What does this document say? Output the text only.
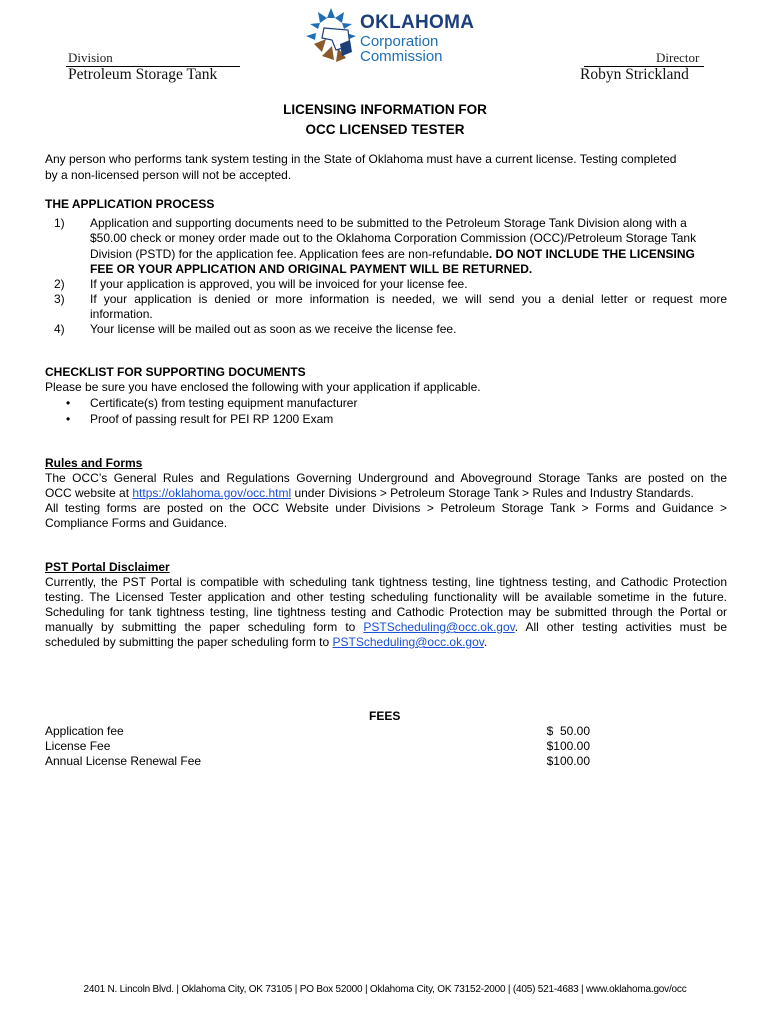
Division
Petroleum Storage Tank
Director
Robyn Strickland
OKLAHOMA
Corporation
Commission
LICENSING INFORMATION FOR
OCC LICENSED TESTER
Any person who performs tank system testing in the State of Oklahoma must have a current license. Testing completed
by a non-licensed person will not be accepted.
THE APPLICATION PROCESS
1)	Application and supporting documents need to be submitted to the Petroleum Storage Tank Division along with a
$50.00 check or money order made out to the Oklahoma Corporation Commission (OCC)/Petroleum Storage Tank
Division (PSTD) for the application fee. Application fees are non-refundable. DO NOT INCLUDE THE LICENSING
FEE OR YOUR APPLICATION AND ORIGINAL PAYMENT WILL BE RETURNED.
2)	If your application is approved, you will be invoiced for your license fee.
3)	If your application is denied or more information is needed, we will send you a denial letter or request more
information.
4)	Your license will be mailed out as soon as we receive the license fee.
CHECKLIST FOR SUPPORTING DOCUMENTS
Please be sure you have enclosed the following with your application if applicable.
• Certificate(s) from testing equipment manufacturer
• Proof of passing result for PEI RP 1200 Exam
Rules and Forms
The OCC’s General Rules and Regulations Governing Underground and Aboveground Storage Tanks are posted on the
OCC website at https://oklahoma.gov/occ.html under Divisions > Petroleum Storage Tank > Rules and Industry Standards.
All testing forms are posted on the OCC Website under Divisions > Petroleum Storage Tank > Forms and Guidance >
Compliance Forms and Guidance.
PST Portal Disclaimer
Currently, the PST Portal is compatible with scheduling tank tightness testing, line tightness testing, and Cathodic Protection
testing. The Licensed Tester application and other testing scheduling functionality will be available sometime in the future.
Scheduling for tank tightness testing, line tightness testing and Cathodic Protection may be submitted through the Portal or
manually by submitting the paper scheduling form to PSTScheduling@occ.ok.gov. All other testing activities must be
scheduled by submitting the paper scheduling form to PSTScheduling@occ.ok.gov.
FEES
Application fee	$  50.00
License Fee	$100.00
Annual License Renewal Fee	$100.00
2401 N. Lincoln Blvd. | Oklahoma City, OK 73105 | PO Box 52000 | Oklahoma City, OK 73152-2000 | (405) 521-4683 | www.oklahoma.gov/occ
